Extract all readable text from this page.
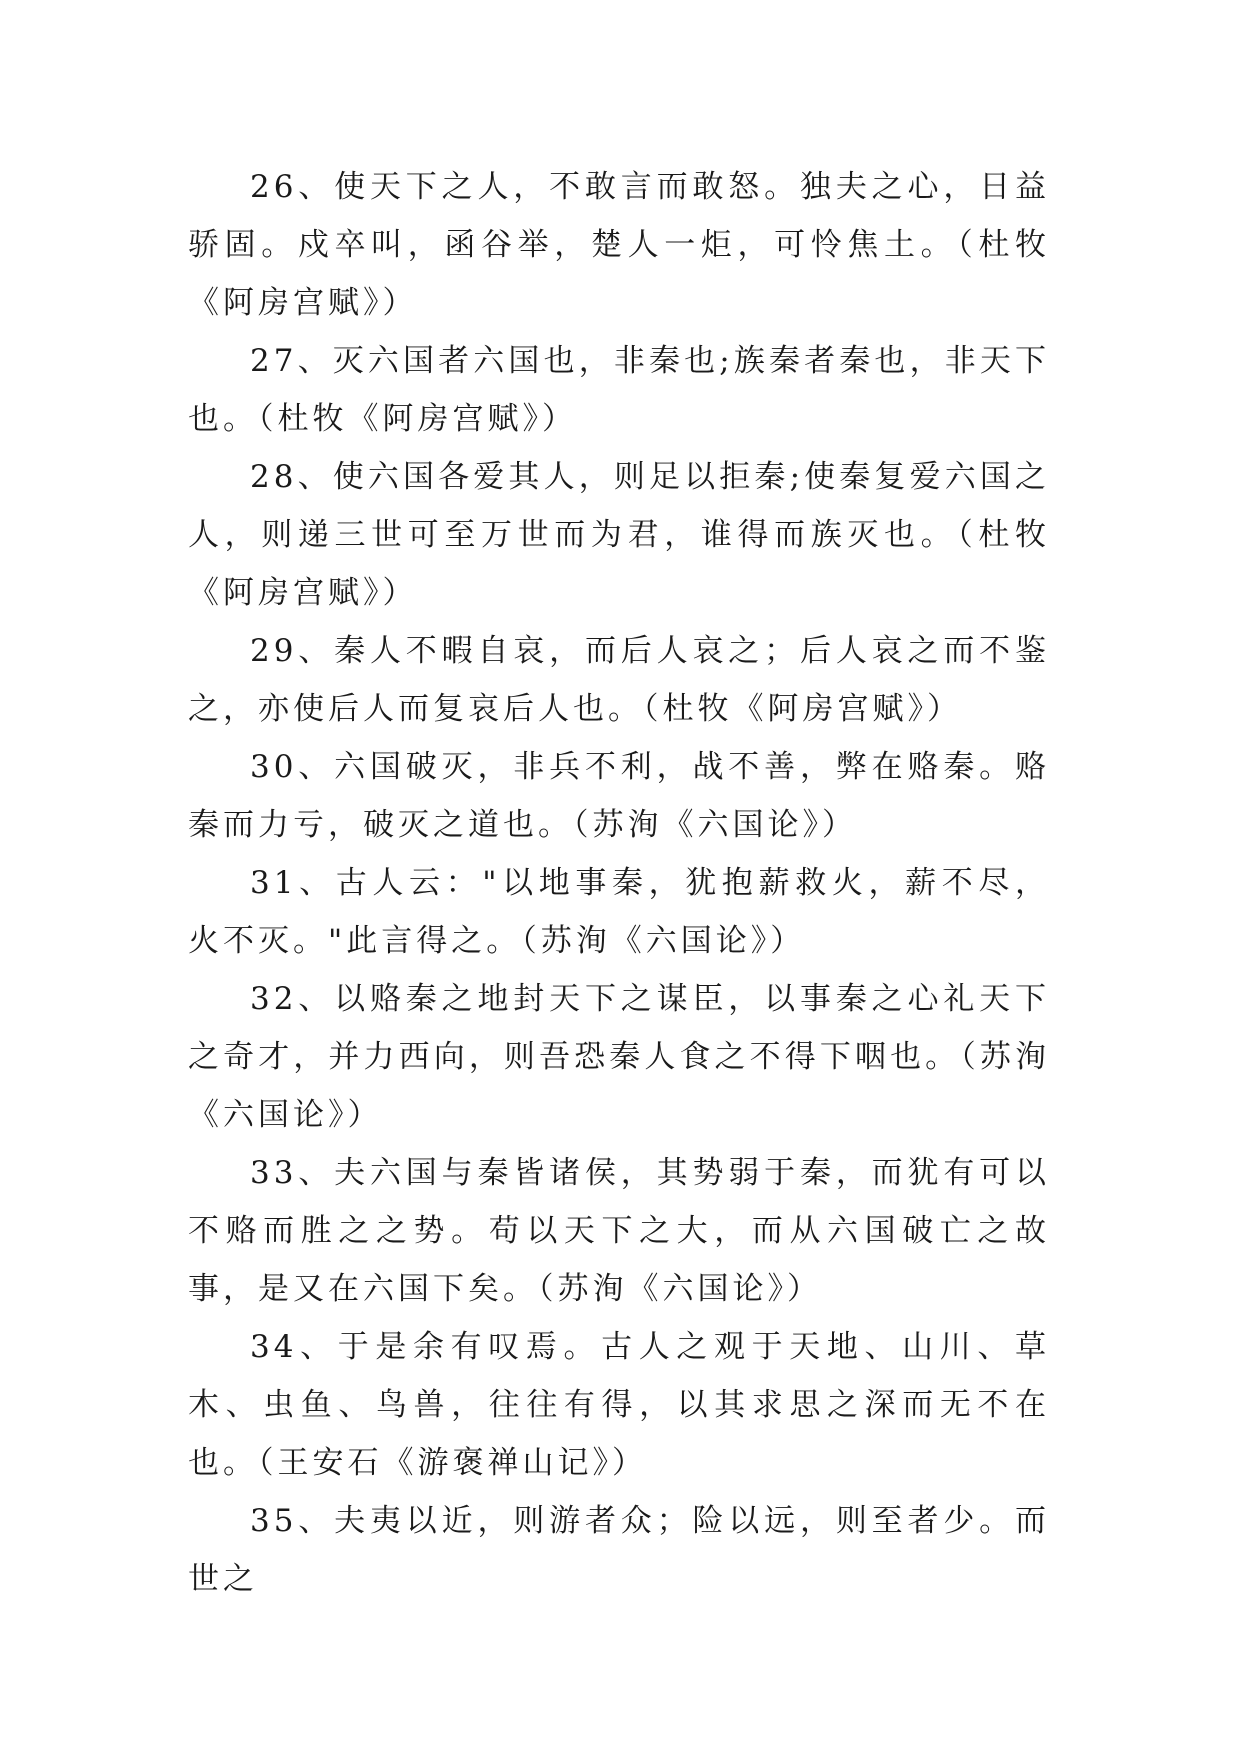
26、使天下之人，不敢言而敢怒。独夫之心，日益骄固。戍卒叫，函谷举，楚人一炬，可怜焦土。（杜牧《阿房宫赋》）

27、灭六国者六国也，非秦也;族秦者秦也，非天下也。（杜牧《阿房宫赋》）

28、使六国各爱其人，则足以拒秦;使秦复爱六国之人，则递三世可至万世而为君，谁得而族灭也。（杜牧《阿房宫赋》）

29、秦人不暇自哀，而后人哀之；后人哀之而不鉴之，亦使后人而复哀后人也。（杜牧《阿房宫赋》）

30、六国破灭，非兵不利，战不善，弊在赂秦。赂秦而力亏，破灭之道也。（苏洵《六国论》）

31、古人云："以地事秦，犹抱薪救火，薪不尽，火不灭。"此言得之。（苏洵《六国论》）

32、以赂秦之地封天下之谋臣，以事秦之心礼天下之奇才，并力西向，则吾恐秦人食之不得下咽也。（苏洵《六国论》）

33、夫六国与秦皆诸侯，其势弱于秦，而犹有可以不赂而胜之之势。苟以天下之大，而从六国破亡之故事，是又在六国下矣。（苏洵《六国论》）

34、于是余有叹焉。古人之观于天地、山川、草木、虫鱼、鸟兽，往往有得，以其求思之深而无不在也。（王安石《游褒禅山记》）

35、夫夷以近，则游者众；险以远，则至者少。而世之
